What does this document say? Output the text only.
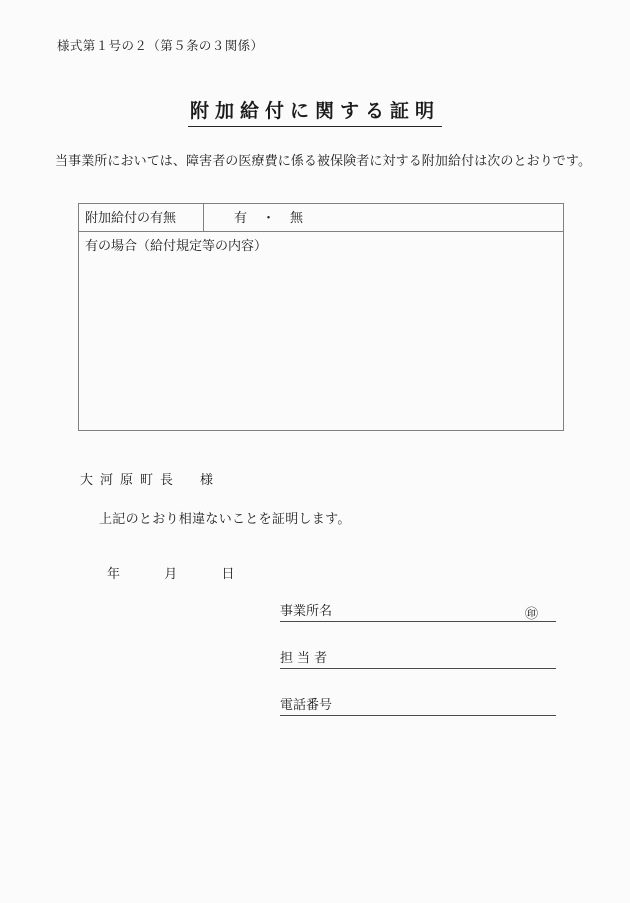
様式第１号の２（第５条の３関係）
附加給付に関する証明
当事業所においては、障害者の医療費に係る被保険者に対する附加給付は次のとおりです。
附加給付の有無	有　・　無
有の場合（給付規定等の内容）
大河原町長　様
上記のとおり相違ないことを証明します。
年	月	日
事業所名	㊞
担当者
電話番号
